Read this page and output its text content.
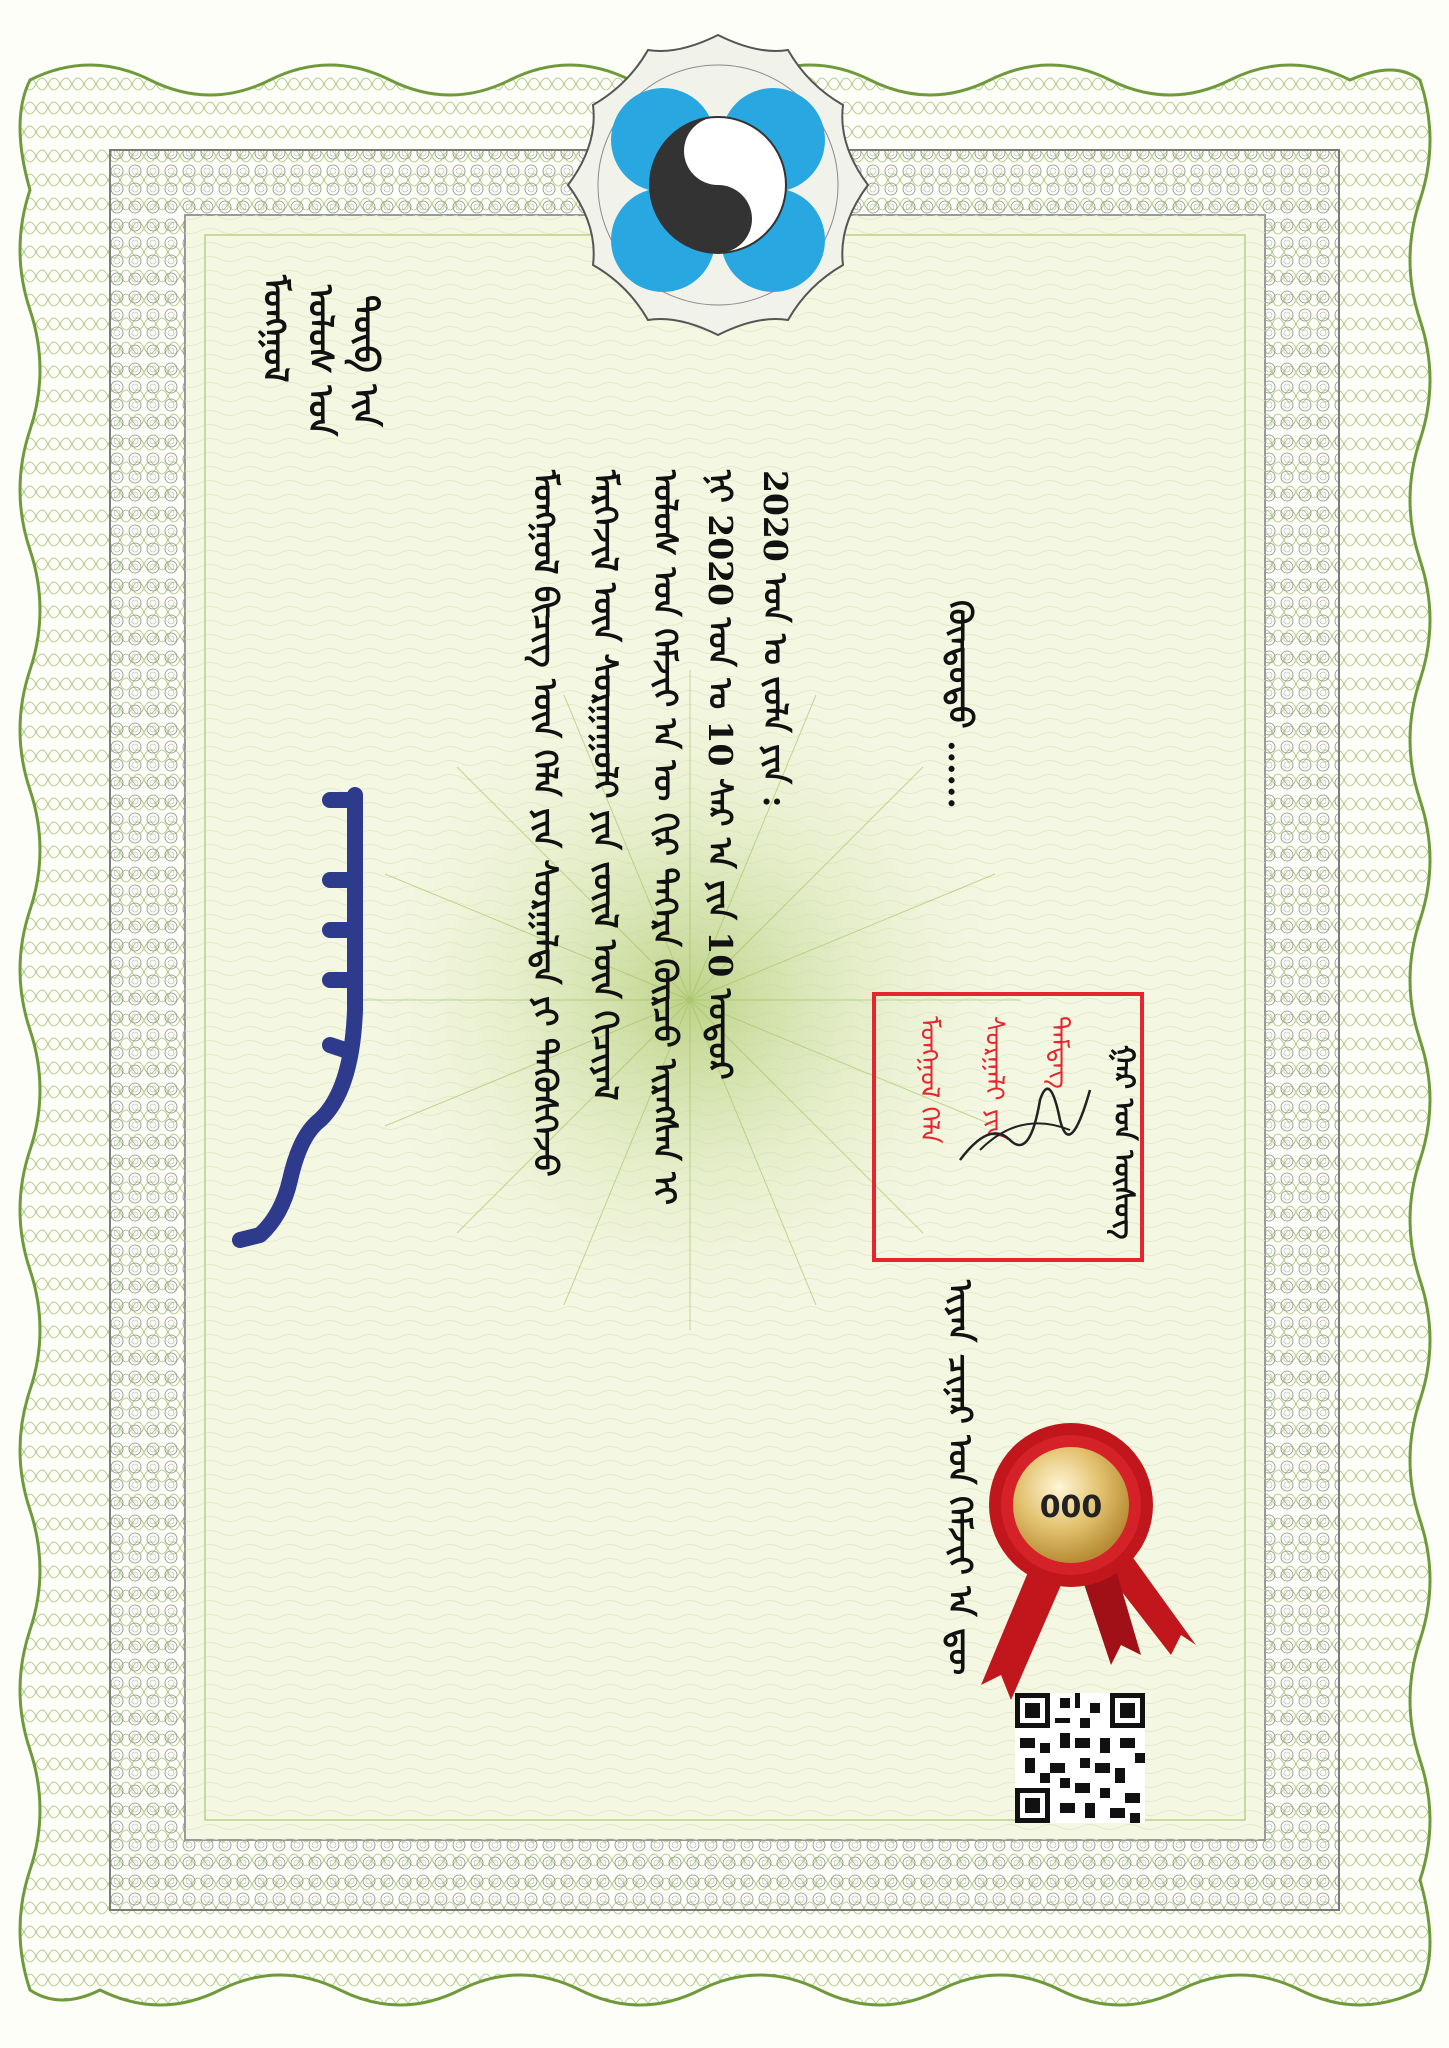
ᠮᠣᠩᠭᠣᠯ ᠤᠯᠤᠰ ᠤᠨ ᠲᠦᠪ ᠢᠨ
2020 ᠣᠨ ᠤ ᠵᠤᠯᠠ ᠶᠢᠨ :
ᠨᠢ 2020 ᠣᠨ ᠤ 10 ᠰᠠᠷ ᠠ ᠶᠢᠨ 10 ᠤᠳᠤᠷ
ᠤᠯᠤᠰ ᠤᠨ ᠬᠡᠮᠵᠢᠶ ᠡᠨ ᠦ ᠬᠢᠷ ᠳᠡᠭᠡᠷᠡ ᠬᠦᠷᠴᠦ ᠢᠷᠡᠭᠰᠡᠨ ᠢ
ᠮᠡᠷᠭᠡᠵᠢᠯ ᠦᠨ ᠰᠤᠷᠭᠠᠭᠤᠯᠢ ᠶᠢᠨ ᠵᠦᠢᠯ ᠦᠨ ᠬᠢᠴᠢᠶᠡᠯ
ᠮᠣᠩᠭᠣᠯ ᠪᠢᠴᠢᠭ ᠦᠨ ᠬᠡᠯᠡ ᠶᠢᠨ ᠰᠤᠷᠭᠠᠯᠲᠠ ᠶᠢ ᠲᠡᠭᠦᠰᠬᠡᠵᠦ	ᠬᠦᠨᠳᠦᠲᠦ ......
ᠢᠶᠡᠨ ᠴᠢᠨᠠᠷ ᠤᠨ ᠬᠡᠮᠵᠢᠶ ᠡᠨ ᠳᠦ
ᠮᠣᠩᠭᠣᠯ ᠬᠡᠯᠡ	ᠰᠤᠷᠭᠠᠯᠢ ᠶᠢᠨ	ᠲᠡᠮᠳᠡᠭ ᠭᠠᠷ ᠤᠨ ᠦᠰᠦᠭ
000
